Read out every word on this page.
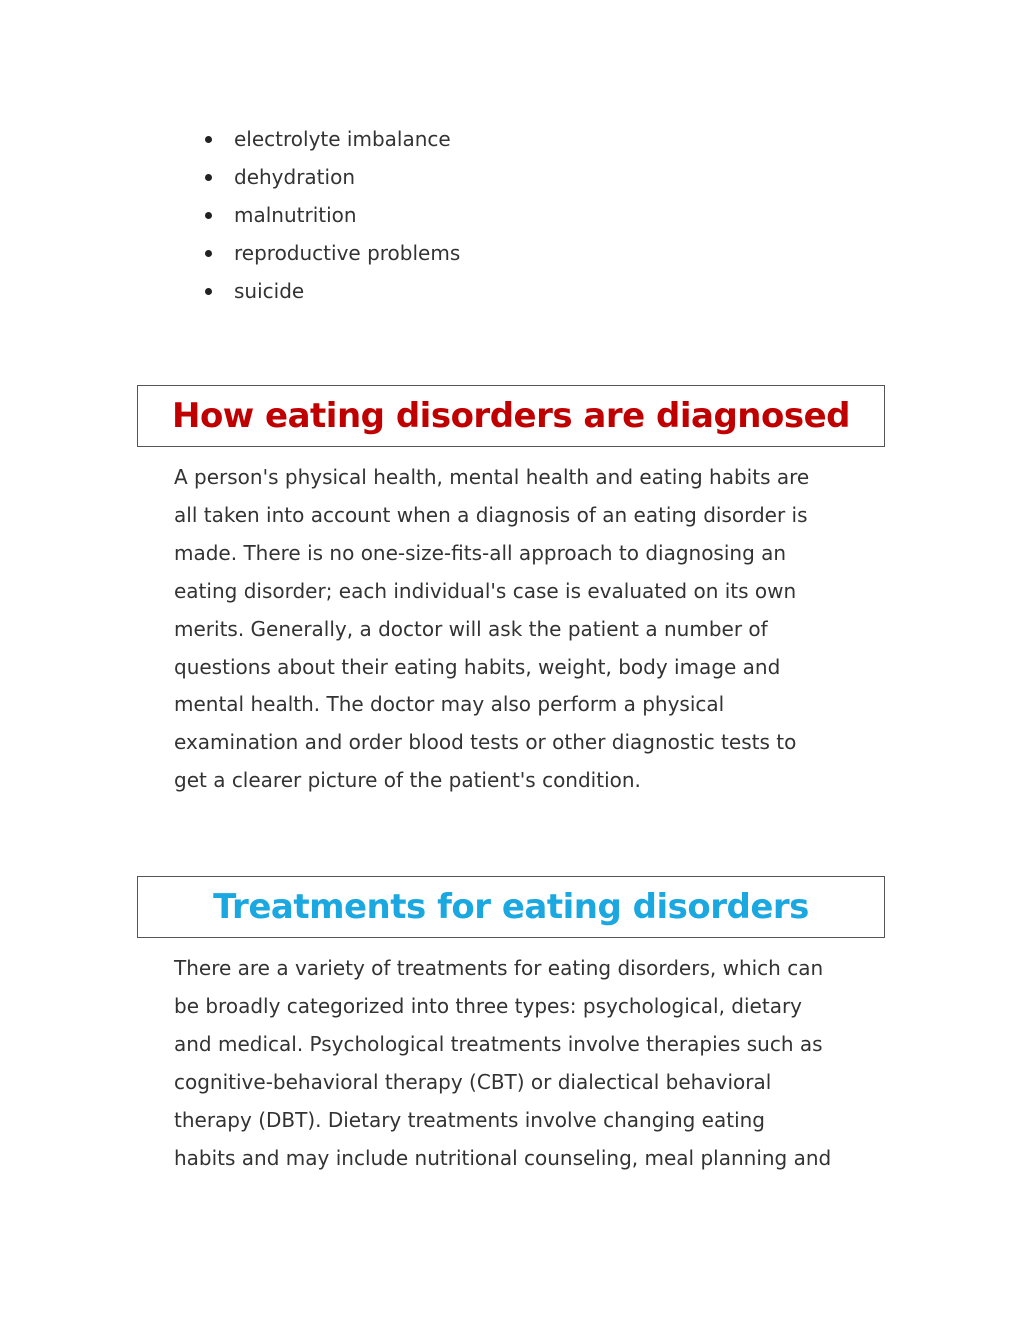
electrolyte imbalance
dehydration
malnutrition
reproductive problems
suicide
How eating disorders are diagnosed

A person's physical health, mental health and eating habits are
all taken into account when a diagnosis of an eating disorder is
made. There is no one-size-fits-all approach to diagnosing an
eating disorder; each individual's case is evaluated on its own
merits. Generally, a doctor will ask the patient a number of
questions about their eating habits, weight, body image and
mental health. The doctor may also perform a physical
examination and order blood tests or other diagnostic tests to
get a clearer picture of the patient's condition.

Treatments for eating disorders

There are a variety of treatments for eating disorders, which can
be broadly categorized into three types: psychological, dietary
and medical. Psychological treatments involve therapies such as
cognitive-behavioral therapy (CBT) or dialectical behavioral
therapy (DBT). Dietary treatments involve changing eating
habits and may include nutritional counseling, meal planning and
